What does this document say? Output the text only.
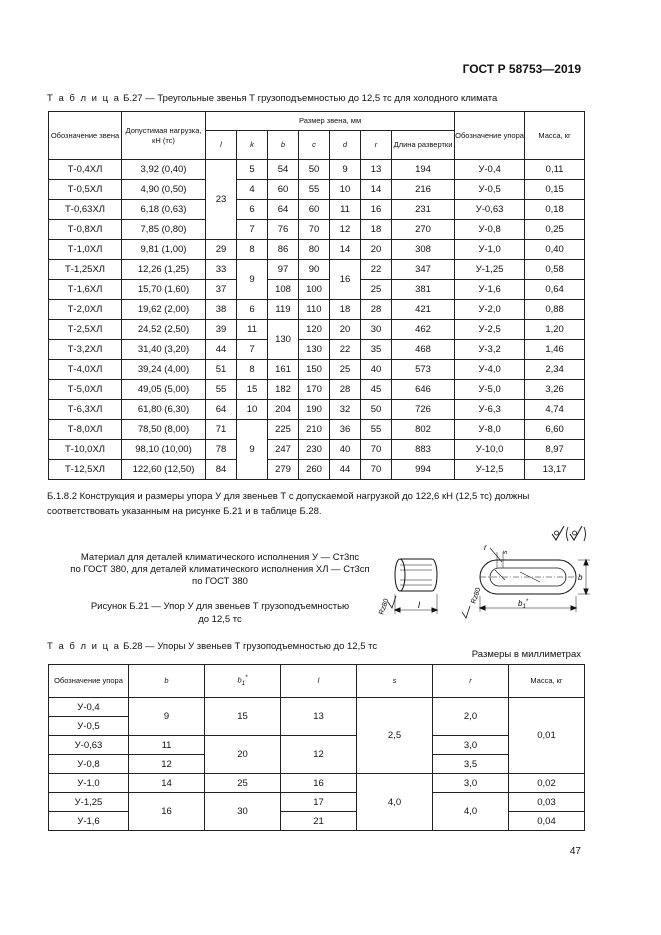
ГОСТ Р 58753—2019
Т а б л и ц а Б.27 — Треугольные звенья Т грузоподъемностью до 12,5 тс для холодного климата
Обозначение звена	Допустимая нагрузка, кН (тс)	Размер звена, мм							Обозначение упора	Масса, кг
		l	k	b	c	d	r	Длина развертки		
Т-0,4ХЛ	3,92 (0,40)	23	5	54	50	9	13	194	У-0,4	0,11
Т-0,5ХЛ	4,90 (0,50)		4	60	55	10	14	216	У-0,5	0,15
Т-0,63ХЛ	6,18 (0,63)		6	64	60	11	16	231	У-0,63	0,18
Т-0,8ХЛ	7,85 (0,80)		7	76	70	12	18	270	У-0,8	0,25
Т-1,0ХЛ	9,81 (1,00)	29	8	86	80	14	20	308	У-1,0	0,40
Т-1,25ХЛ	12,26 (1,25)	33	9	97	90	16	22	347	У-1,25	0,58
Т-1,6ХЛ	15,70 (1,60)	37		108	100		25	381	У-1,6	0,64
Т-2,0ХЛ	19,62 (2,00)	38	6	119	110	18	28	421	У-2,0	0,88
Т-2,5ХЛ	24,52 (2,50)	39	11	130	120	20	30	462	У-2,5	1,20
Т-3,2ХЛ	31,40 (3,20)	44	7		130	22	35	468	У-3,2	1,46
Т-4,0ХЛ	39,24 (4,00)	51	8	161	150	25	40	573	У-4,0	2,34
Т-5,0ХЛ	49,05 (5,00)	55	15	182	170	28	45	646	У-5,0	3,26
Т-6,3ХЛ	61,80 (6,30)	64	10	204	190	32	50	726	У-6,3	4,74
Т-8,0ХЛ	78,50 (8,00)	71	9	225	210	36	55	802	У-8,0	6,60
Т-10,0ХЛ	98,10 (10,00)	78		247	230	40	70	883	У-10,0	8,97
Т-12,5ХЛ	122,60 (12,50)	84		279	260	44	70	994	У-12,5	13,17
Б.1.8.2 Конструкция и размеры упора У для звеньев Т с допускаемой нагрузкой до 122,6 кН (12,5 тс) должны соответствовать указанным на рисунке Б.21 и в таблице Б.28.
Материал для деталей климатического исполнения У — Ст3пс
по ГОСТ 380, для деталей климатического исполнения ХЛ — Ст3сп
по ГОСТ 380
Рисунок Б.21 — Упор У для звеньев Т грузоподъемностью
до 12,5 тс
Rz80	l
r
s
b
$b_1^*$
Rz80
Т а б л и ц а Б.28 — Упоры У звеньев Т грузоподъемностью до 12,5 тс
Размеры в миллиметрах
Обозначение упора	b	$b_1^*$	l	s	r	Масса, кг
У-0,4	9	15	13	2,5	2,0	0,01
У-0,5						
У-0,63	11	20	12		3,0	
У-0,8	12				3,5	
У-1,0	14	25	16	4,0	3,0	0,02
У-1,25	16	30	17		4,0	0,03
У-1,6			21			0,04
47
